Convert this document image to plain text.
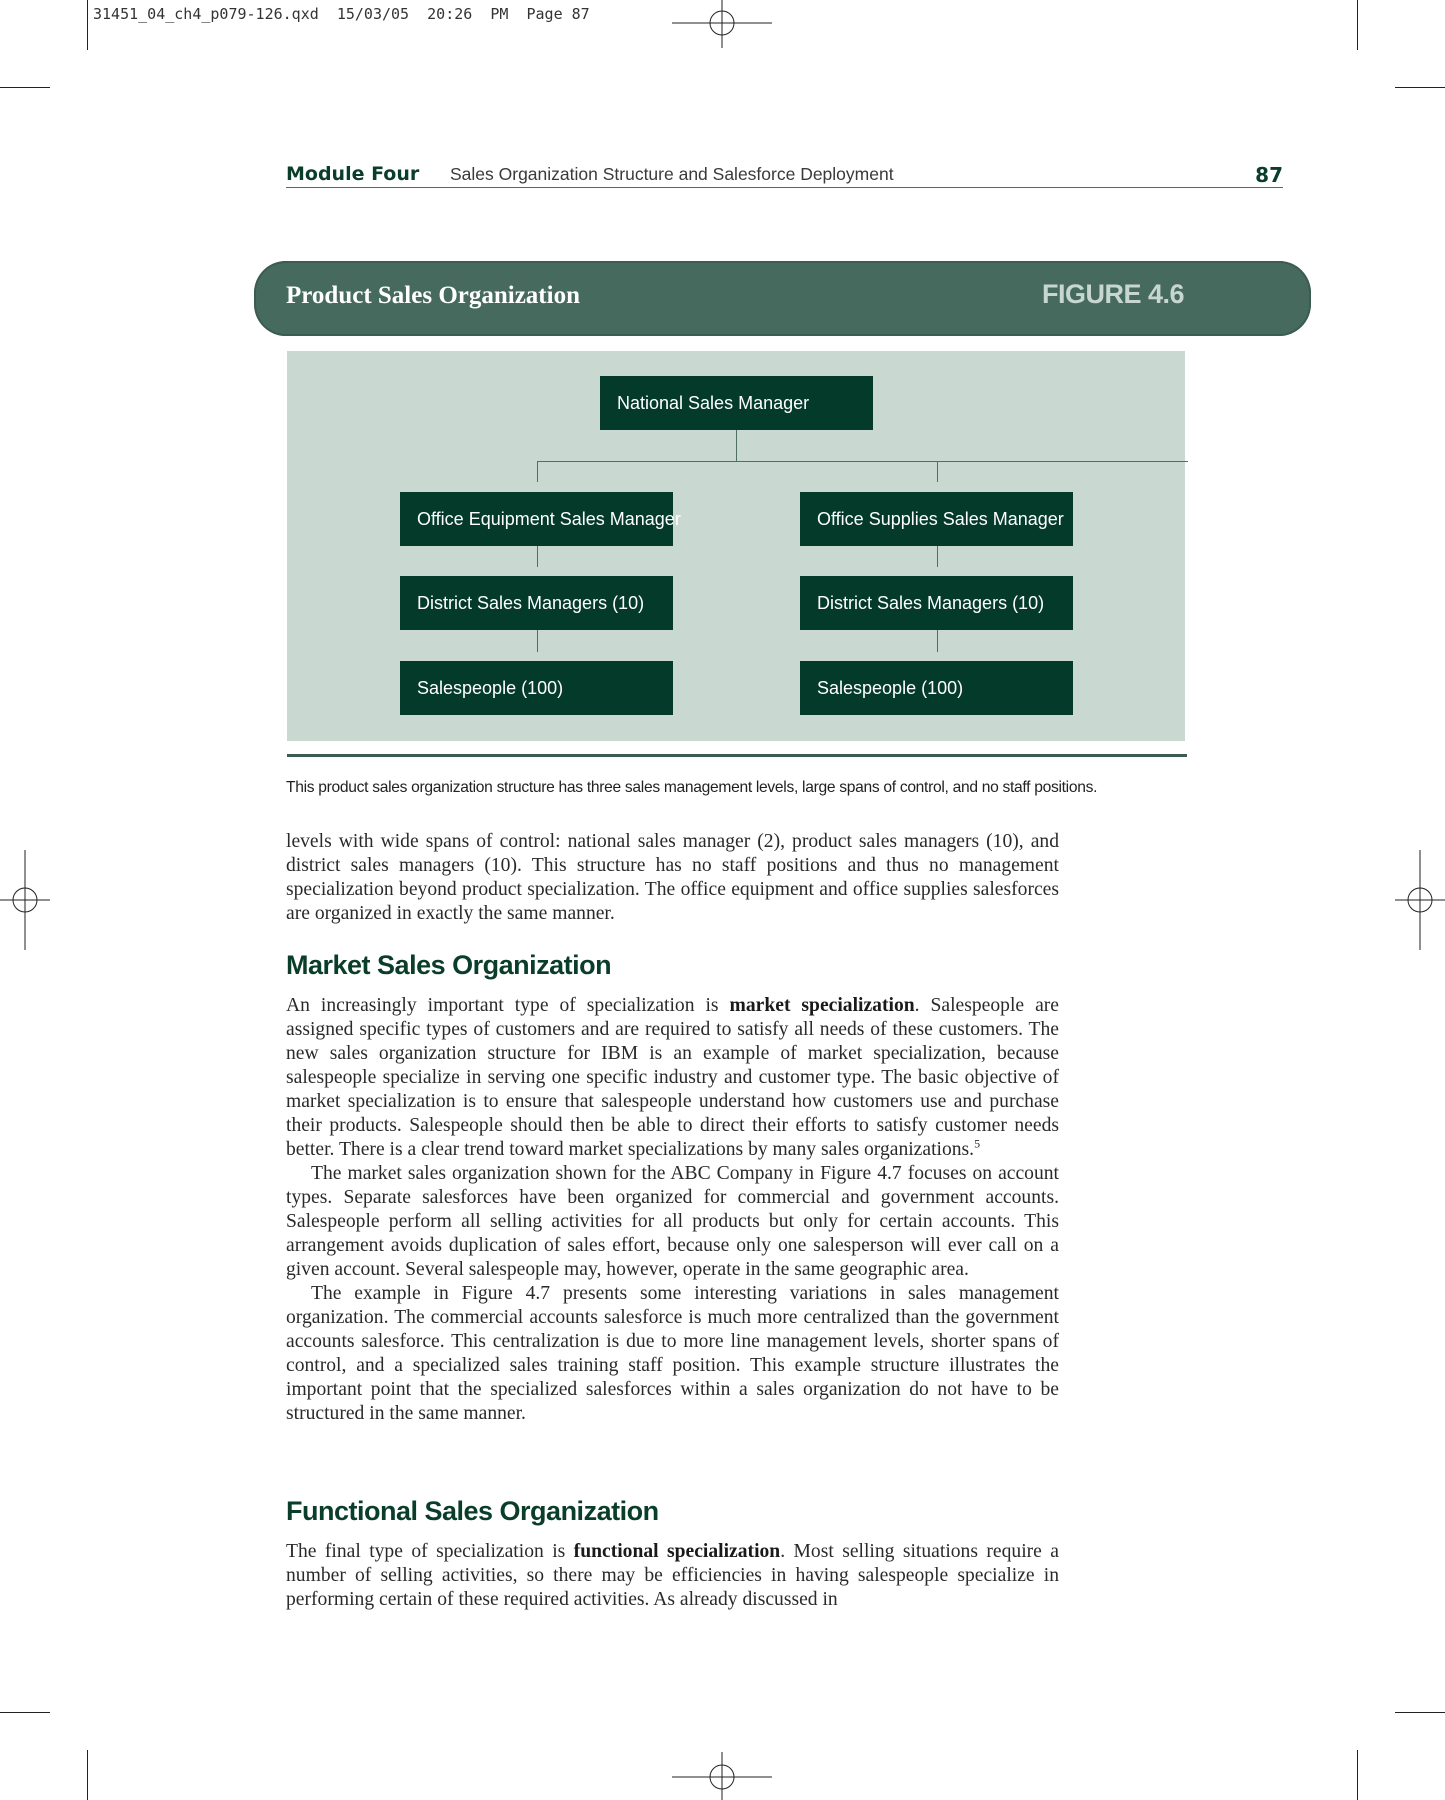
31451_04_ch4_p079-126.qxd  15/03/05  20:26  PM  Page 87
Module Four Sales Organization Structure and Salesforce Deployment	87
Product Sales Organization	FIGURE 4.6
National Sales Manager
Office Equipment Sales Manager	Office Supplies Sales Manager
District Sales Managers (10)	District Sales Managers (10)
Salespeople (100)	Salespeople (100)
This product sales organization structure has three sales management levels, large spans of control, and no staff positions.

levels with wide spans of control: national sales manager (2), product sales managers (10), and district sales managers (10). This structure has no staff positions and thus no management specialization beyond product specialization. The office equipment and office supplies salesforces are organized in exactly the same manner.

Market Sales Organization

An increasingly important type of specialization is market specialization. Salespeople are assigned specific types of customers and are required to satisfy all needs of these customers. The new sales organization structure for IBM is an example of market specialization, because salespeople specialize in serving one specific industry and customer type. The basic objective of market specialization is to ensure that salespeople understand how customers use and purchase their products. Salespeople should then be able to direct their efforts to satisfy customer needs better. There is a clear trend toward market specializations by many sales organizations.$^5$

The market sales organization shown for the ABC Company in Figure 4.7 focuses on account types. Separate salesforces have been organized for commercial and government accounts. Salespeople perform all selling activities for all products but only for certain accounts. This arrangement avoids duplication of sales effort, because only one salesperson will ever call on a given account. Several salespeople may, however, operate in the same geographic area.

The example in Figure 4.7 presents some interesting variations in sales management organization. The commercial accounts salesforce is much more centralized than the government accounts salesforce. This centralization is due to more line management levels, shorter spans of control, and a specialized sales training staff position. This example structure illustrates the important point that the specialized salesforces within a sales organization do not have to be structured in the same manner.

Functional Sales Organization

The final type of specialization is functional specialization. Most selling situations require a number of selling activities, so there may be efficiencies in having salespeople specialize in performing certain of these required activities. As already discussed in
